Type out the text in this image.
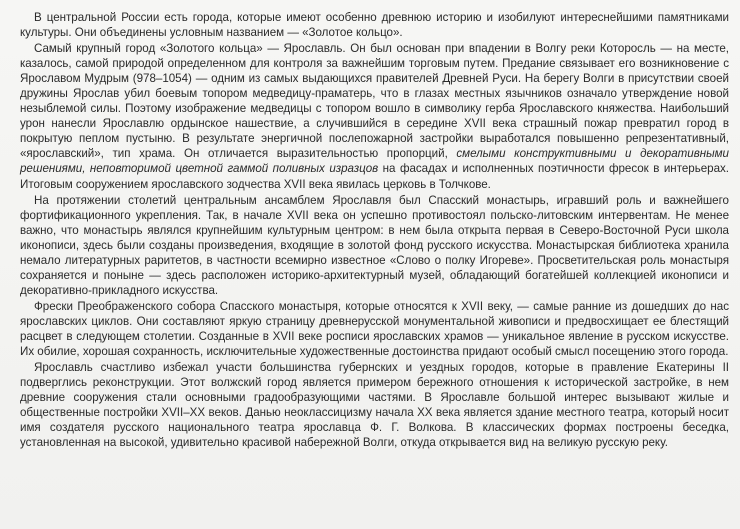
В центральной России есть города, которые имеют особенно древнюю историю и изобилуют интереснейшими памятниками культуры. Они объединены условным названием — «Золотое кольцо».

Самый крупный город «Золотого кольца» — Ярославль. Он был основан при впадении в Волгу реки Которосль — на месте, казалось, самой природой определенном для контроля за важнейшим торговым путем. Предание связывает его возникновение с Ярославом Мудрым (978–1054) — одним из самых выдающихся правителей Древней Руси. На берегу Волги в присутствии своей дружины Ярослав убил боевым топором медведицу-праматерь, что в глазах местных язычников означало утверждение новой незыблемой силы. Поэтому изображение медведицы с топором вошло в символику герба Ярославского княжества. Наибольший урон нанесли Ярославлю ордынское нашествие, а случившийся в середине XVII века страшный пожар превратил город в покрытую пеплом пустыню. В результате энергичной послепожарной застройки выработался повышенно репрезентативный, «ярославский», тип храма. Он отличается выразительностью пропорций, смелыми конструктивными и декоративными решениями, неповторимой цветной гаммой поливных изразцов на фасадах и исполненных поэтичности фресок в интерьерах. Итоговым сооружением ярославского зодчества XVII века явилась церковь в Толчкове.

На протяжении столетий центральным ансамблем Ярославля был Спасский монастырь, игравший роль и важнейшего фортификационного укрепления. Так, в начале XVII века он успешно противостоял польско-литовским интервентам. Не менее важно, что монастырь являлся крупнейшим культурным центром: в нем была открыта первая в Северо-Восточной Руси школа иконописи, здесь были созданы произведения, входящие в золотой фонд русского искусства. Монастырская библиотека хранила немало литературных раритетов, в частности всемирно известное «Слово о полку Игореве». Просветительская роль монастыря сохраняется и поныне — здесь расположен историко-архитектурный музей, обладающий богатейшей коллекцией иконописи и декоративно-прикладного искусства.

Фрески Преображенского собора Спасского монастыря, которые относятся к XVII веку, — самые ранние из дошедших до нас ярославских циклов. Они составляют яркую страницу древнерусской монументальной живописи и предвосхищает ее блестящий расцвет в следующем столетии. Созданные в XVII веке росписи ярославских храмов — уникальное явление в русском искусстве. Их обилие, хорошая сохранность, исключительные художественные достоинства придают особый смысл посещению этого города.

Ярославль счастливо избежал участи большинства губернских и уездных городов, которые в правление Екатерины II подверглись реконструкции. Этот волжский город является примером бережного отношения к исторической застройке, в нем древние сооружения стали основными градообразующими частями. В Ярославле большой интерес вызывают жилые и общественные постройки XVII–XX веков. Данью неоклассицизму начала XX века является здание местного театра, который носит имя создателя русского национального театра ярославца Ф. Г. Волкова. В классических формах построены беседка, установленная на высокой, удивительно красивой набережной Волги, откуда открывается вид на великую русскую реку.
